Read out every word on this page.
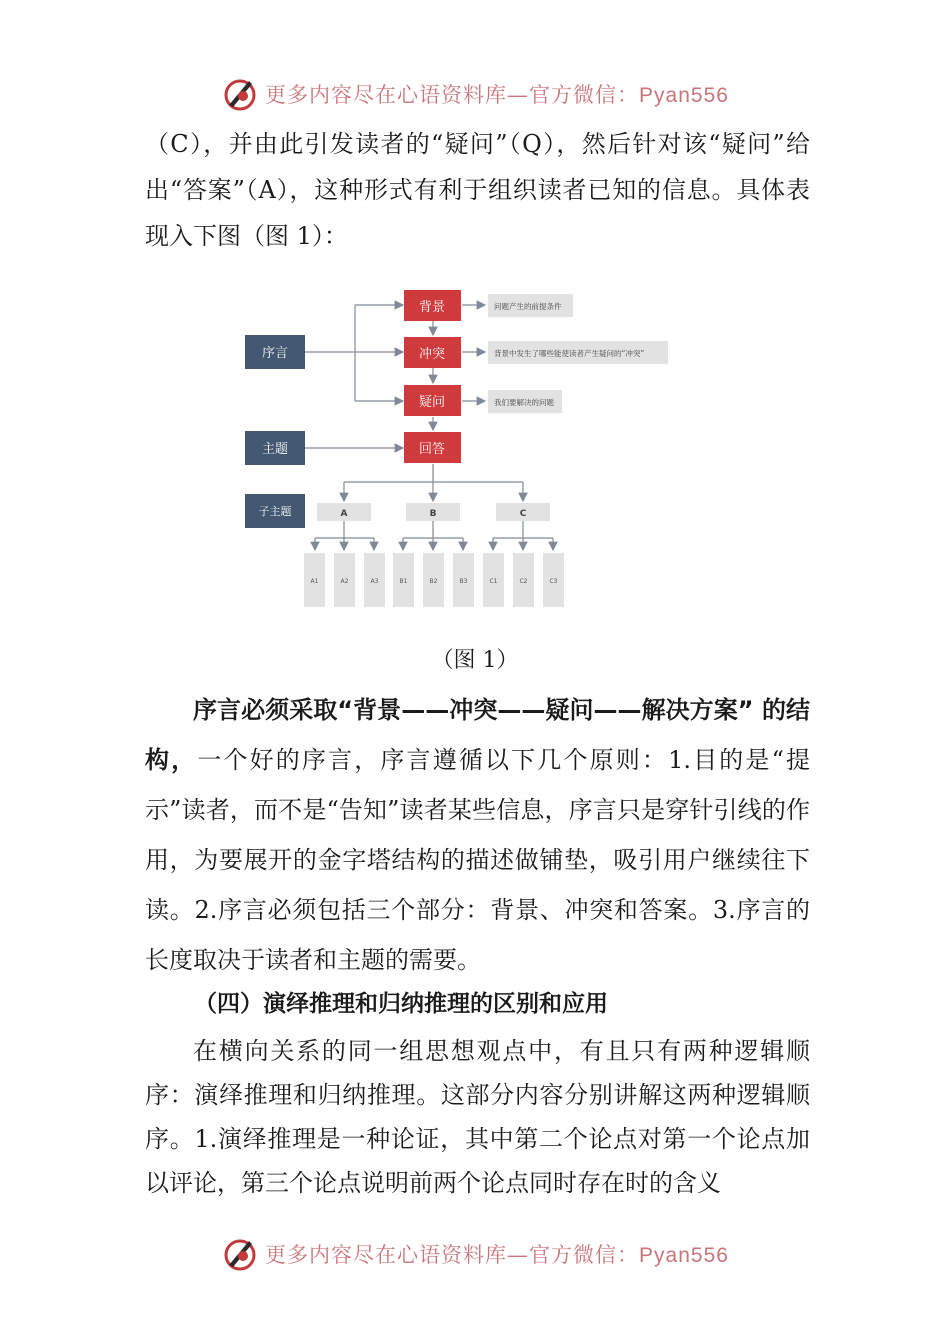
更多内容尽在心语资料库—官方微信：Pyan556

（C），并由此引发读者的“疑问”（Q），然后针对该“疑问”给出“答案”（A），这种形式有利于组织读者已知的信息。具体表现入下图（图 1）：

序言
主题
子主题
背景
冲突
疑问
回答
问题产生的前提条件
背景中发生了哪些能使读者产生疑问的“冲突”
我们要解决的问题
A	B	C
A1	A2	A3	B1	B2	B3	C1	C2	C3
（图 1）

序言必须采取“背景——冲突——疑问——解决方案” 的结构，一个好的序言，序言遵循以下几个原则：1.目的是“提示”读者，而不是“告知”读者某些信息，序言只是穿针引线的作用，为要展开的金字塔结构的描述做铺垫，吸引用户继续往下读。2.序言必须包括三个部分：背景、冲突和答案。3.序言的长度取决于读者和主题的需要。

（四）演绎推理和归纳推理的区别和应用

在横向关系的同一组思想观点中，有且只有两种逻辑顺序：演绎推理和归纳推理。这部分内容分别讲解这两种逻辑顺序。1.演绎推理是一种论证，其中第二个论点对第一个论点加以评论，第三个论点说明前两个论点同时存在时的含义

更多内容尽在心语资料库—官方微信：Pyan556
